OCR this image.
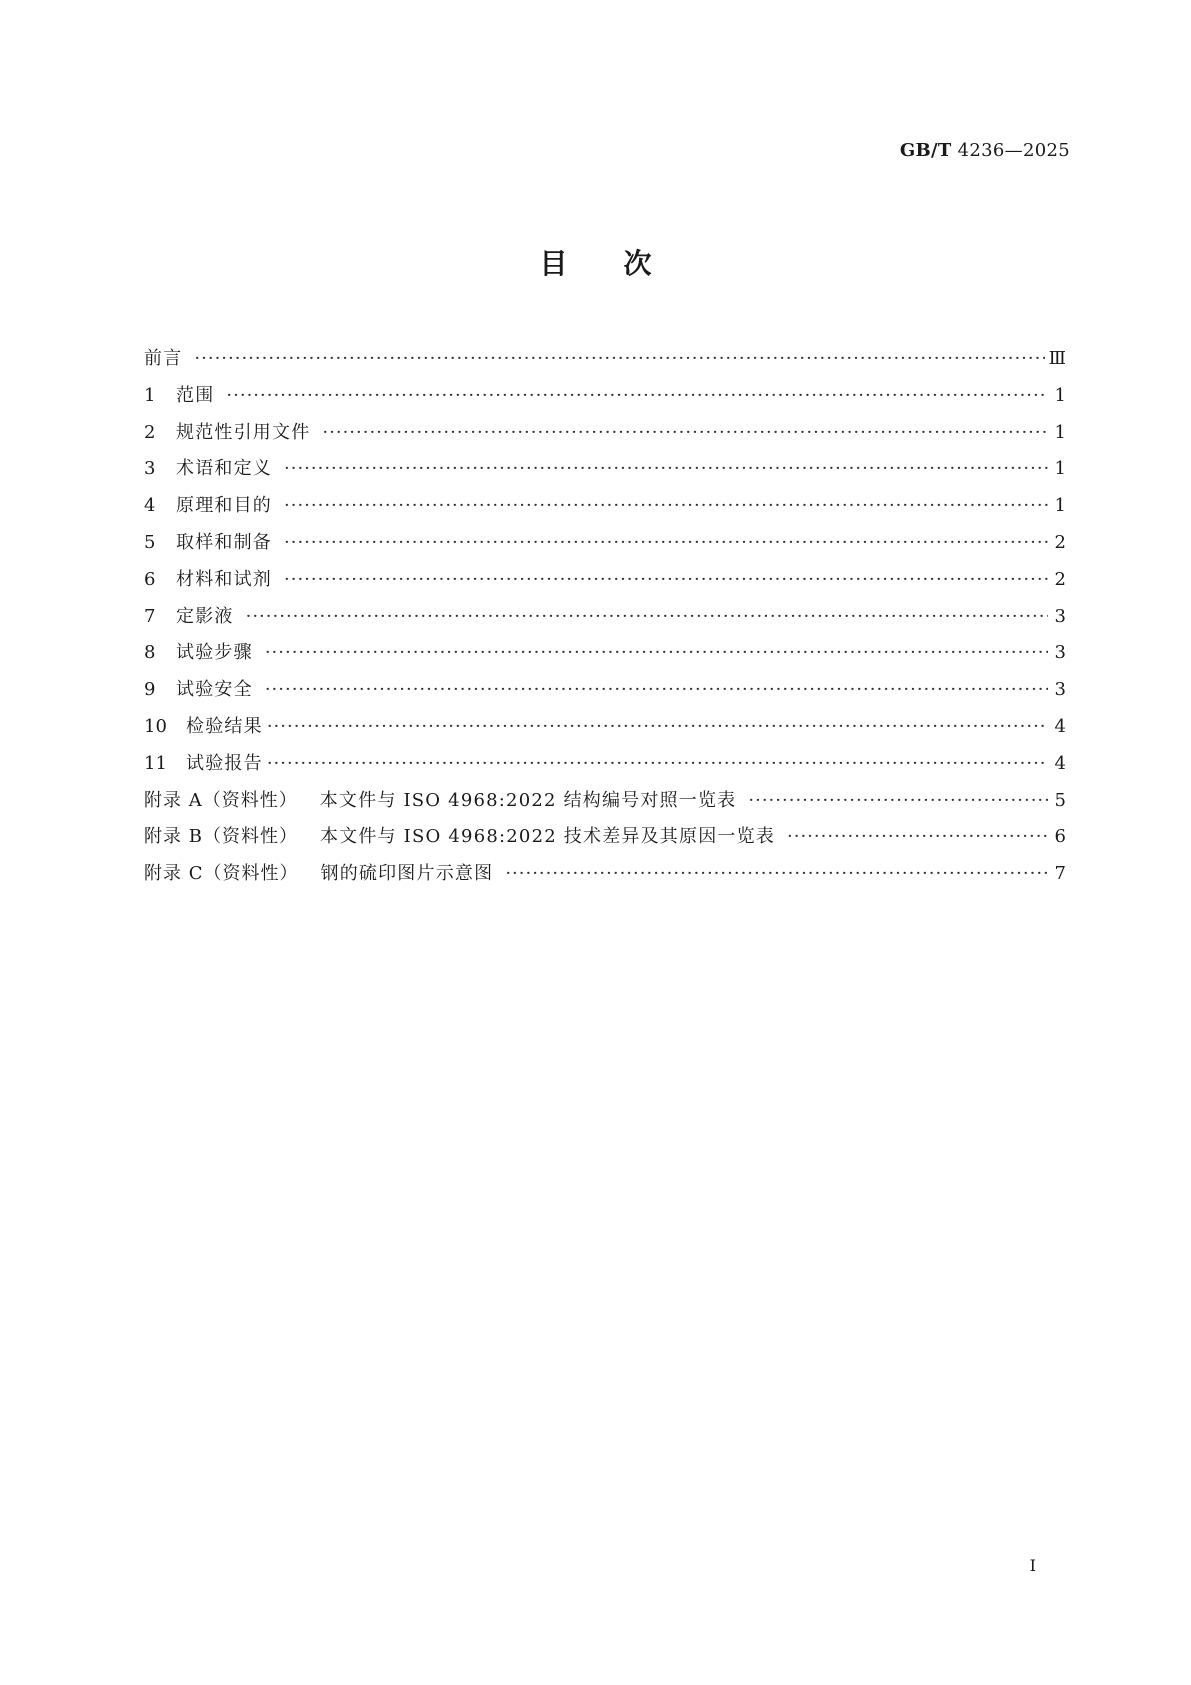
GB/T 4236—2025
目次
前言 ·····	Ⅲ
1	范围 ·····	1
2	规范性引用文件 ·····	1
3	术语和定义 ·····	1
4	原理和目的 ·····	1
5	取样和制备 ·····	2
6	材料和试剂 ·····	2
7	定影液 ·····	3
8	试验步骤 ·····	3
9	试验安全 ·····	3
10	检验结果 ·····	4
11	试验报告 ·····	4
附录 A（资料性） 本文件与 ISO 4968:2022 结构编号对照一览表 ·····	5
附录 B（资料性） 本文件与 ISO 4968:2022 技术差异及其原因一览表 ·····	6
附录 C（资料性） 钢的硫印图片示意图 ·····	7
Ⅰ
